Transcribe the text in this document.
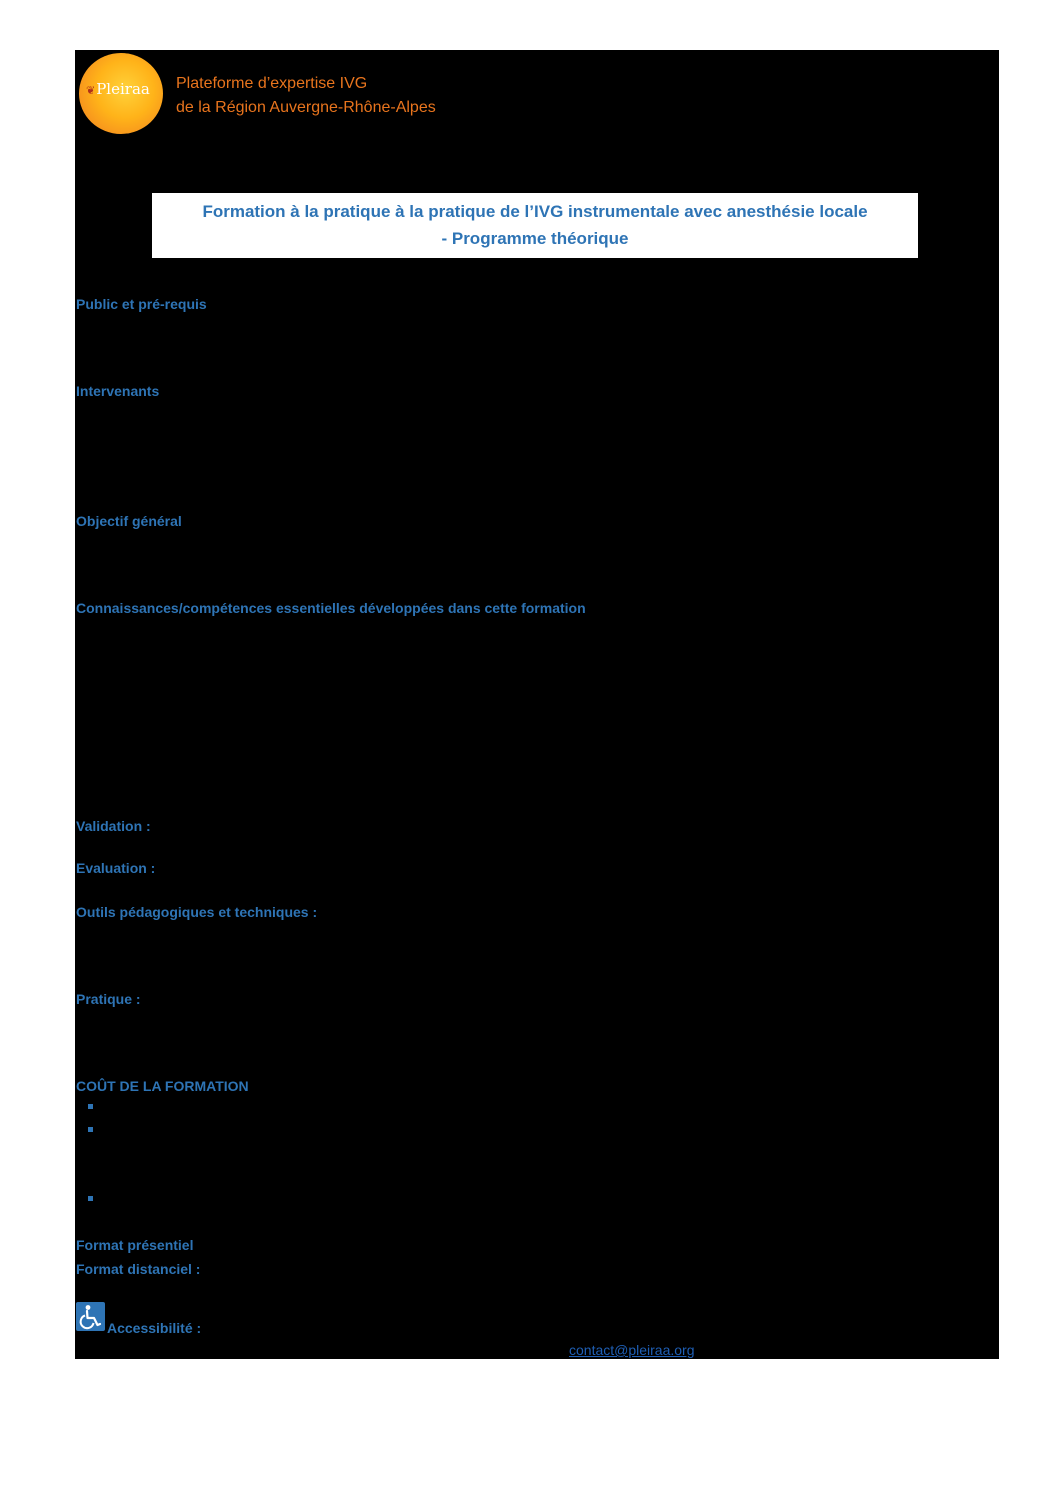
❦Pleiraa Plateforme d’expertise IVG
de la Région Auvergne-Rhône-Alpes
Formation à la pratique à la pratique de l’IVG instrumentale avec anesthésie locale
- Programme théorique
Public et pré-requis
Intervenants
Objectif général
Connaissances/compétences essentielles développées dans cette formation
Validation :
Evaluation :
Outils pédagogiques et techniques :
Pratique :
COÛT DE LA FORMATION
Format présentiel
Format distanciel :
Accessibilité :
contact@pleiraa.org
